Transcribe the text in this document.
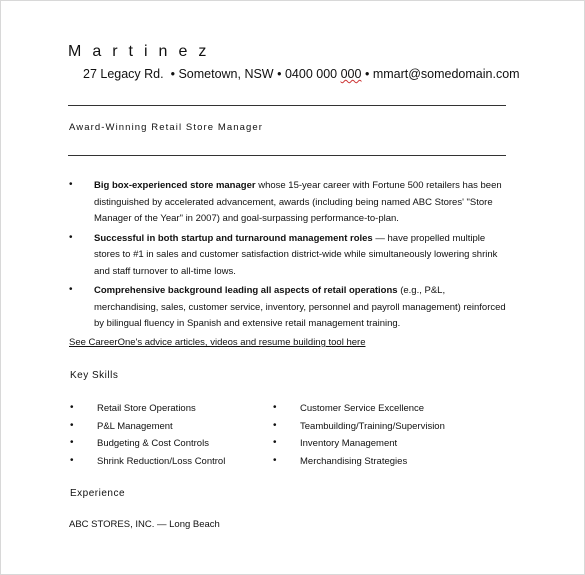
Martinez
27 Legacy Rd. • Sometown, NSW • 0400 000 000 • mmart@somedomain.com
Award-Winning Retail Store Manager
• Big box-experienced store manager whose 15-year career with Fortune 500 retailers has been distinguished by accelerated advancement, awards (including being named ABC Stores' "Store Manager of the Year" in 2007) and goal-surpassing performance-to-plan.
• Successful in both startup and turnaround management roles — have propelled multiple stores to #1 in sales and customer satisfaction district-wide while simultaneously lowering shrink and staff turnover to all-time lows.
• Comprehensive background leading all aspects of retail operations (e.g., P&L, merchandising, sales, customer service, inventory, personnel and payroll management) reinforced by bilingual fluency in Spanish and extensive retail management training.
See CareerOne's advice articles, videos and resume building tool here
Key Skills
• Retail Store Operations
• P&L Management
• Budgeting & Cost Controls
• Shrink Reduction/Loss Control
• Customer Service Excellence
• Teambuilding/Training/Supervision
• Inventory Management
• Merchandising Strategies
Experience
ABC STORES, INC. — Long Beach
